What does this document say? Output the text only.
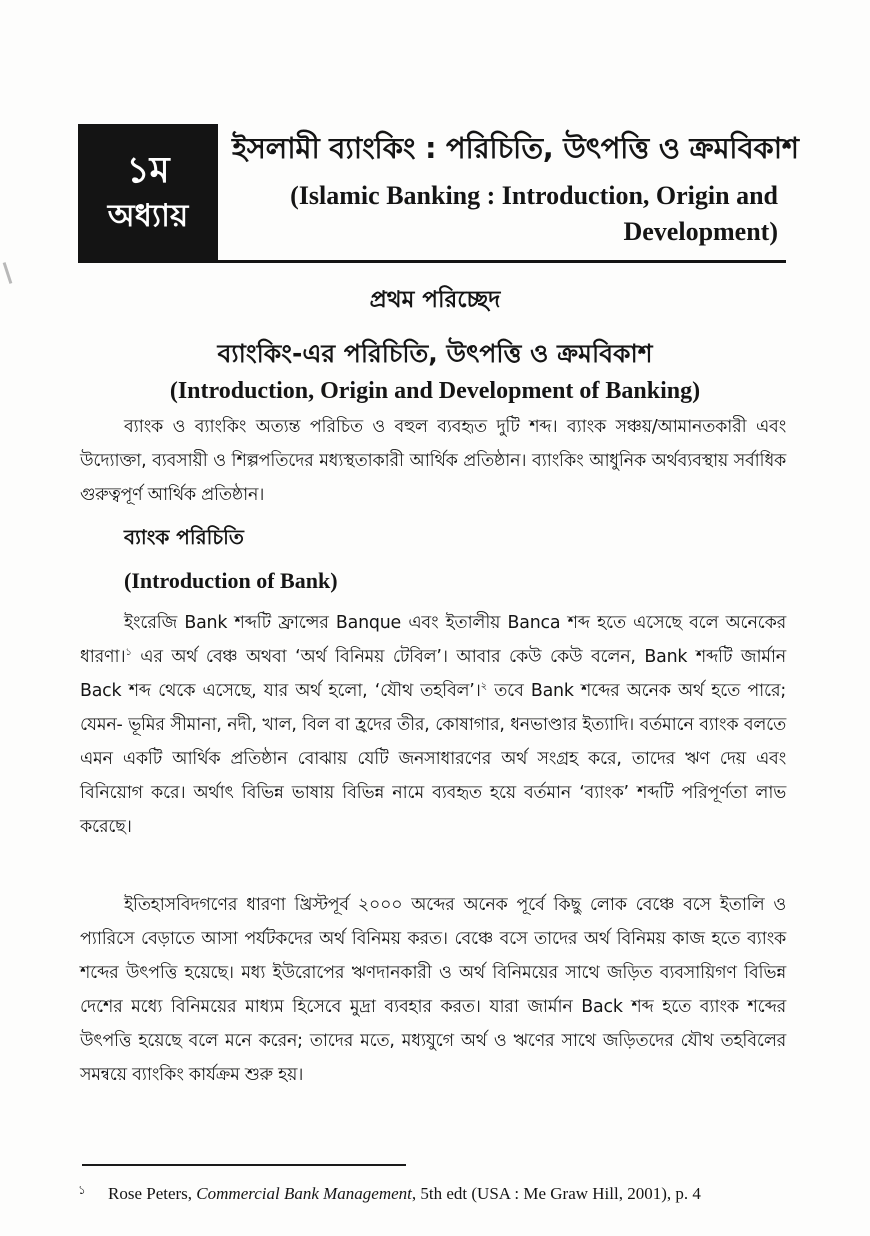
১ম
অধ্যায়
ইসলামী ব্যাংকিং : পরিচিতি, উৎপত্তি ও ক্রমবিকাশ
(Islamic Banking : Introduction, Origin and Development)
প্রথম পরিচ্ছেদ
ব্যাংকিং-এর পরিচিতি, উৎপত্তি ও ক্রমবিকাশ
(Introduction, Origin and Development of Banking)
ব্যাংক ও ব্যাংকিং অত্যন্ত পরিচিত ও বহুল ব্যবহৃত দুটি শব্দ। ব্যাংক সঞ্চয়/আমানতকারী এবং উদ্যোক্তা, ব্যবসায়ী ও শিল্পপতিদের মধ্যস্থতাকারী আর্থিক প্রতিষ্ঠান। ব্যাংকিং আধুনিক অর্থব্যবস্থায় সর্বাধিক গুরুত্বপূর্ণ আর্থিক প্রতিষ্ঠান।
ব্যাংক পরিচিতি
(Introduction of Bank)
ইংরেজি Bank শব্দটি ফ্রান্সের Banque এবং ইতালীয় Banca শব্দ হতে এসেছে বলে অনেকের ধারণা।$^১$ এর অর্থ বেঞ্চ অথবা ‘অর্থ বিনিময় টেবিল’। আবার কেউ কেউ বলেন, Bank শব্দটি জার্মান Back শব্দ থেকে এসেছে, যার অর্থ হলো, ‘যৌথ তহবিল’।$^২$ তবে Bank শব্দের অনেক অর্থ হতে পারে; যেমন- ভূমির সীমানা, নদী, খাল, বিল বা হ্রদের তীর, কোষাগার, ধনভাণ্ডার ইত্যাদি। বর্তমানে ব্যাংক বলতে এমন একটি আর্থিক প্রতিষ্ঠান বোঝায় যেটি জনসাধারণের অর্থ সংগ্রহ করে, তাদের ঋণ দেয় এবং বিনিয়োগ করে। অর্থাৎ বিভিন্ন ভাষায় বিভিন্ন নামে ব্যবহৃত হয়ে বর্তমান ‘ব্যাংক’ শব্দটি পরিপূর্ণতা লাভ করেছে।
ইতিহাসবিদগণের ধারণা খ্রিস্টপূর্ব ২০০০ অব্দের অনেক পূর্বে কিছু লোক বেঞ্চে বসে ইতালি ও প্যারিসে বেড়াতে আসা পর্যটকদের অর্থ বিনিময় করত। বেঞ্চে বসে তাদের অর্থ বিনিময় কাজ হতে ব্যাংক শব্দের উৎপত্তি হয়েছে। মধ্য ইউরোপের ঋণদানকারী ও অর্থ বিনিময়ের সাথে জড়িত ব্যবসায়িগণ বিভিন্ন দেশের মধ্যে বিনিময়ের মাধ্যম হিসেবে মুদ্রা ব্যবহার করত। যারা জার্মান Back শব্দ হতে ব্যাংক শব্দের উৎপত্তি হয়েছে বলে মনে করেন; তাদের মতে, মধ্যযুগে অর্থ ও ঋণের সাথে জড়িতদের যৌথ তহবিলের সমন্বয়ে ব্যাংকিং কার্যক্রম শুরু হয়।
১	Rose Peters, Commercial Bank Management, 5th edt (USA : Me Graw Hill, 2001), p. 4
